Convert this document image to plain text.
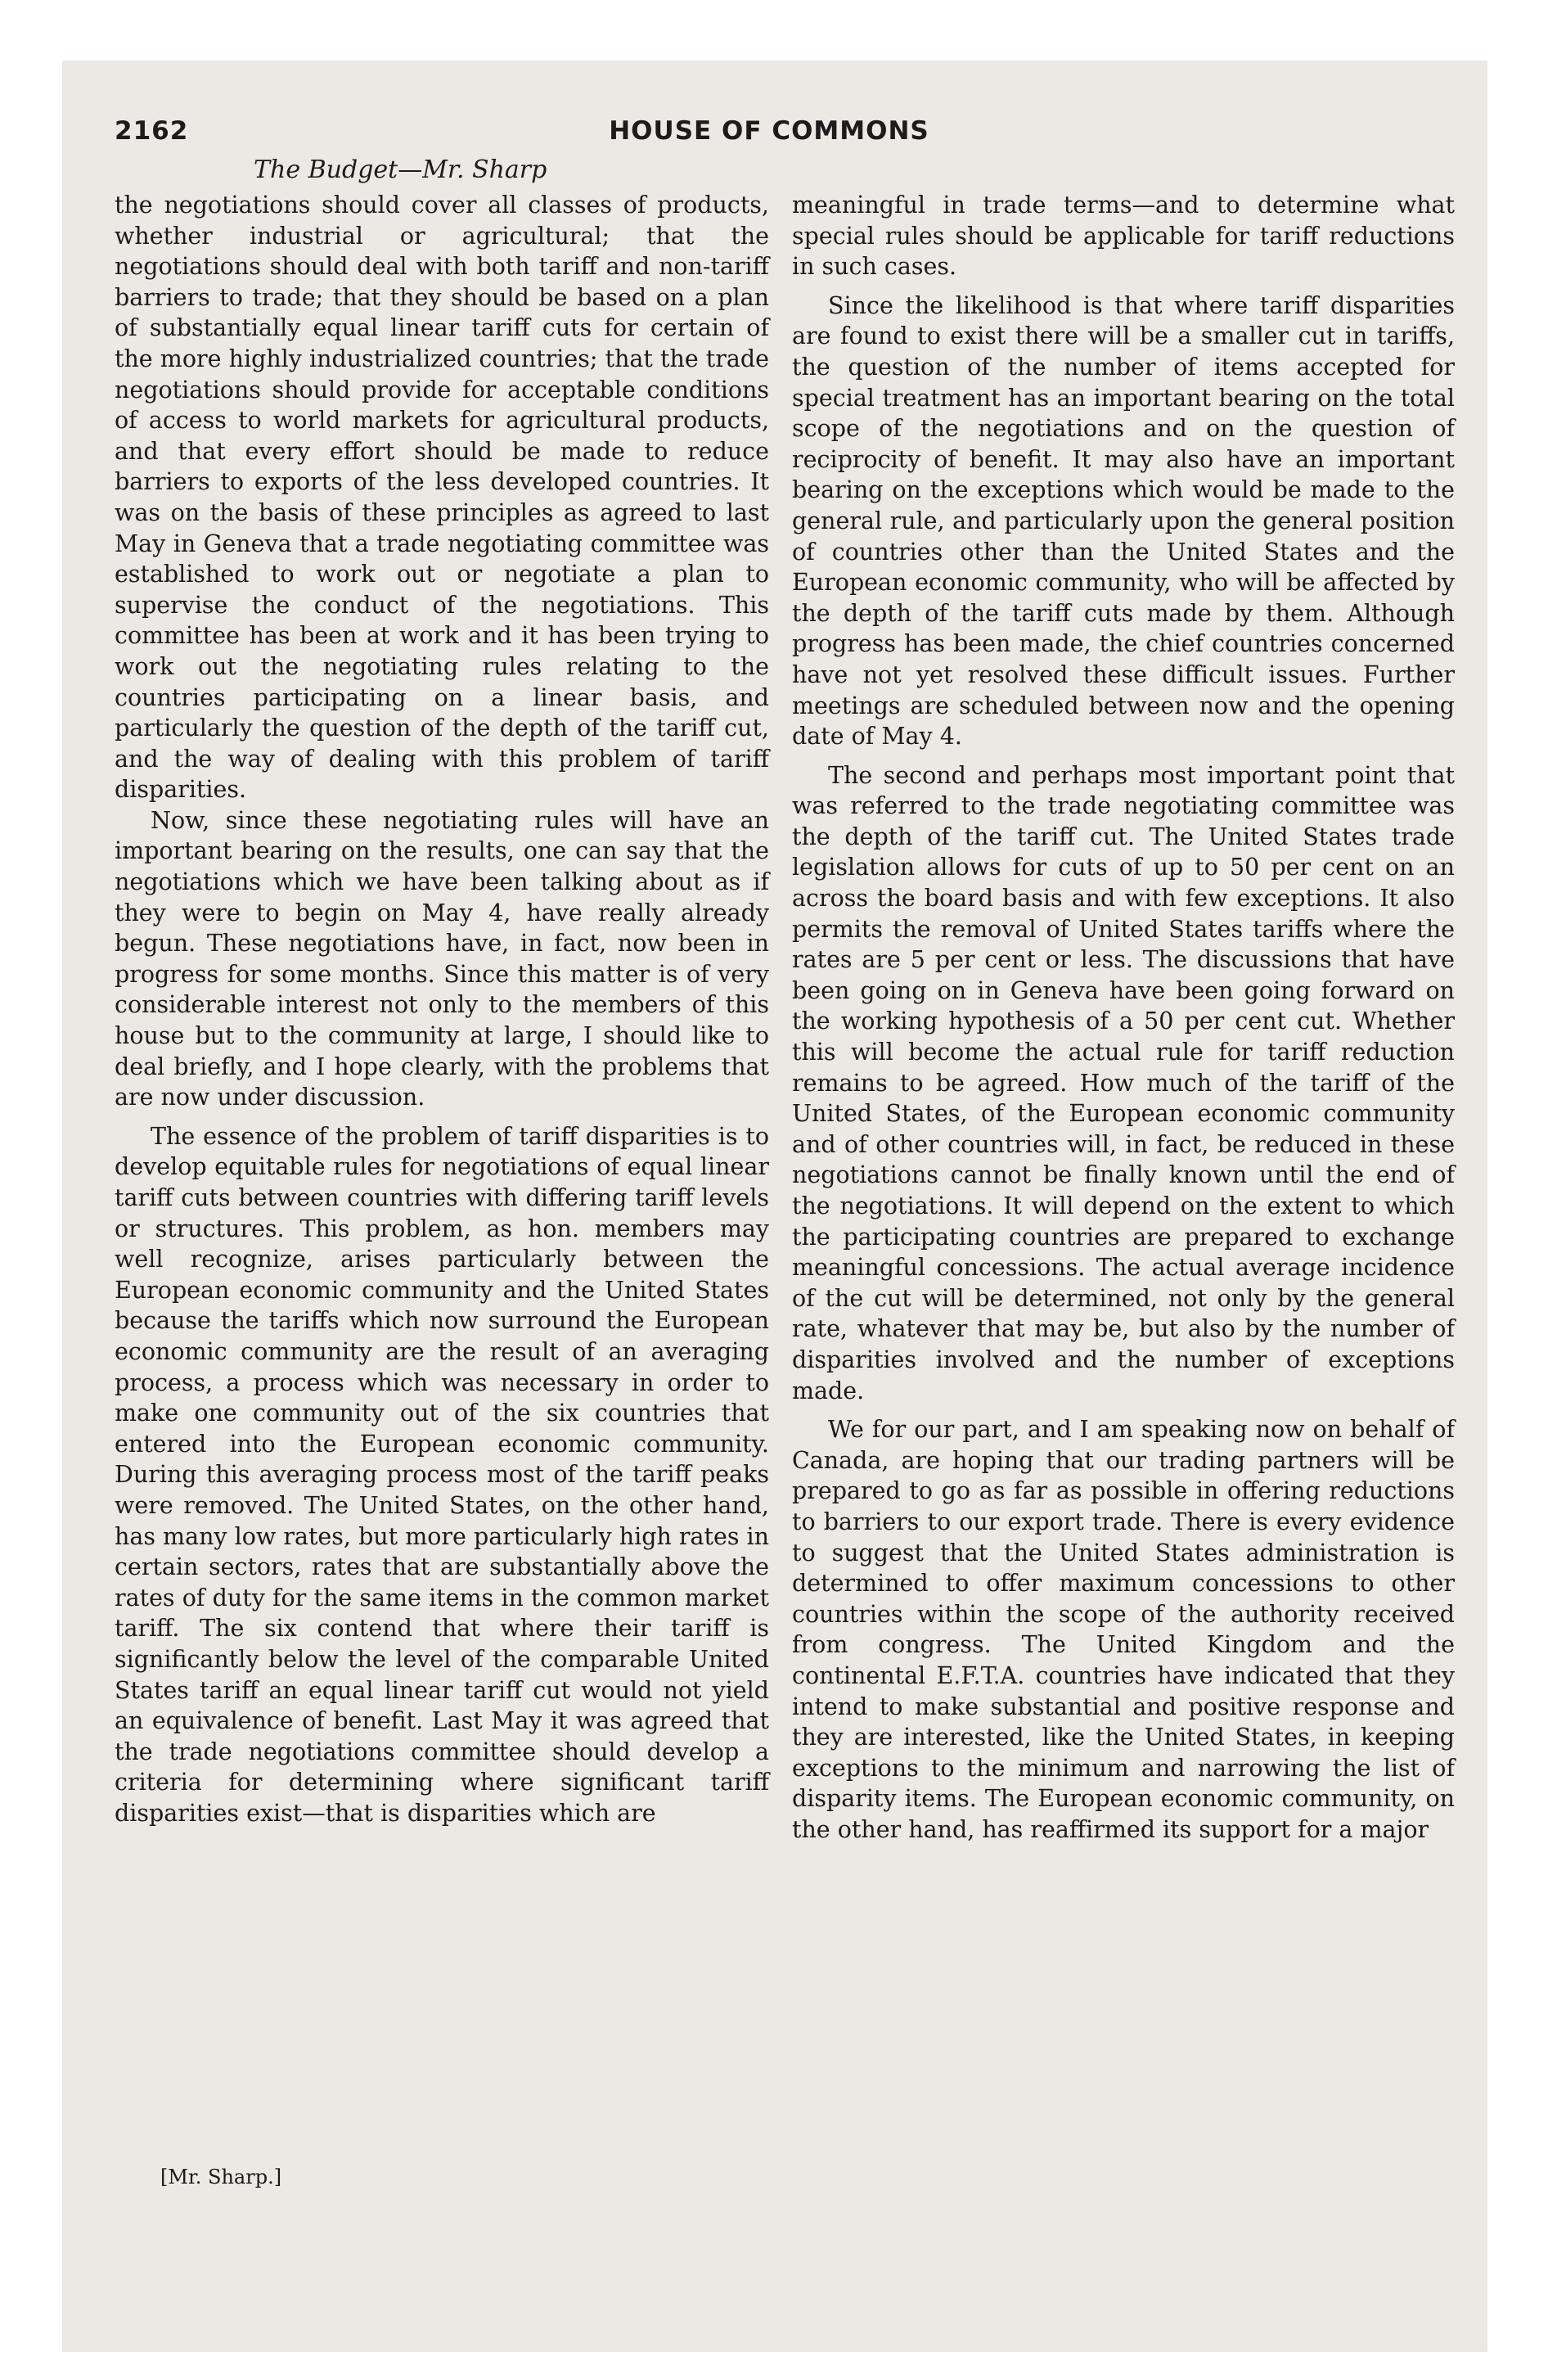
2162	HOUSE OF COMMONS
The Budget—Mr. Sharp

the negotiations should cover all classes of products, whether industrial or agricultural; that the negotiations should deal with both tariff and non-tariff barriers to trade; that they should be based on a plan of substantially equal linear tariff cuts for certain of the more highly industrialized countries; that the trade negotiations should provide for acceptable conditions of access to world markets for agricultural products, and that every effort should be made to reduce barriers to exports of the less developed countries. It was on the basis of these principles as agreed to last May in Geneva that a trade negotiating committee was established to work out or negotiate a plan to supervise the conduct of the negotiations. This committee has been at work and it has been trying to work out the negotiating rules relating to the countries participating on a linear basis, and particularly the question of the depth of the tariff cut, and the way of dealing with this problem of tariff disparities.

Now, since these negotiating rules will have an important bearing on the results, one can say that the negotiations which we have been talking about as if they were to begin on May 4, have really already begun. These negotiations have, in fact, now been in progress for some months. Since this matter is of very considerable interest not only to the members of this house but to the community at large, I should like to deal briefly, and I hope clearly, with the problems that are now under discussion.

The essence of the problem of tariff disparities is to develop equitable rules for negotiations of equal linear tariff cuts between countries with differing tariff levels or structures. This problem, as hon. members may well recognize, arises particularly between the European economic community and the United States because the tariffs which now surround the European economic community are the result of an averaging process, a process which was necessary in order to make one community out of the six countries that entered into the European economic community. During this averaging process most of the tariff peaks were removed. The United States, on the other hand, has many low rates, but more particularly high rates in certain sectors, rates that are substantially above the rates of duty for the same items in the common market tariff. The six contend that where their tariff is significantly below the level of the comparable United States tariff an equal linear tariff cut would not yield an equivalence of benefit. Last May it was agreed that the trade negotiations committee should develop a criteria for determining where significant tariff disparities exist—that is disparities which are

meaningful in trade terms—and to determine what special rules should be applicable for tariff reductions in such cases.

Since the likelihood is that where tariff disparities are found to exist there will be a smaller cut in tariffs, the question of the number of items accepted for special treatment has an important bearing on the total scope of the negotiations and on the question of reciprocity of benefit. It may also have an important bearing on the exceptions which would be made to the general rule, and particularly upon the general position of countries other than the United States and the European economic community, who will be affected by the depth of the tariff cuts made by them. Although progress has been made, the chief countries concerned have not yet resolved these difficult issues. Further meetings are scheduled between now and the opening date of May 4.

The second and perhaps most important point that was referred to the trade negotiating committee was the depth of the tariff cut. The United States trade legislation allows for cuts of up to 50 per cent on an across the board basis and with few exceptions. It also permits the removal of United States tariffs where the rates are 5 per cent or less. The discussions that have been going on in Geneva have been going forward on the working hypothesis of a 50 per cent cut. Whether this will become the actual rule for tariff reduction remains to be agreed. How much of the tariff of the United States, of the European economic community and of other countries will, in fact, be reduced in these negotiations cannot be finally known until the end of the negotiations. It will depend on the extent to which the participating countries are prepared to exchange meaningful concessions. The actual average incidence of the cut will be determined, not only by the general rate, whatever that may be, but also by the number of disparities involved and the number of exceptions made.

We for our part, and I am speaking now on behalf of Canada, are hoping that our trading partners will be prepared to go as far as possible in offering reductions to barriers to our export trade. There is every evidence to suggest that the United States administration is determined to offer maximum concessions to other countries within the scope of the authority received from congress. The United Kingdom and the continental E.F.T.A. countries have indicated that they intend to make substantial and positive response and they are interested, like the United States, in keeping exceptions to the minimum and narrowing the list of disparity items. The European economic community, on the other hand, has reaffirmed its support for a major

[Mr. Sharp.]
